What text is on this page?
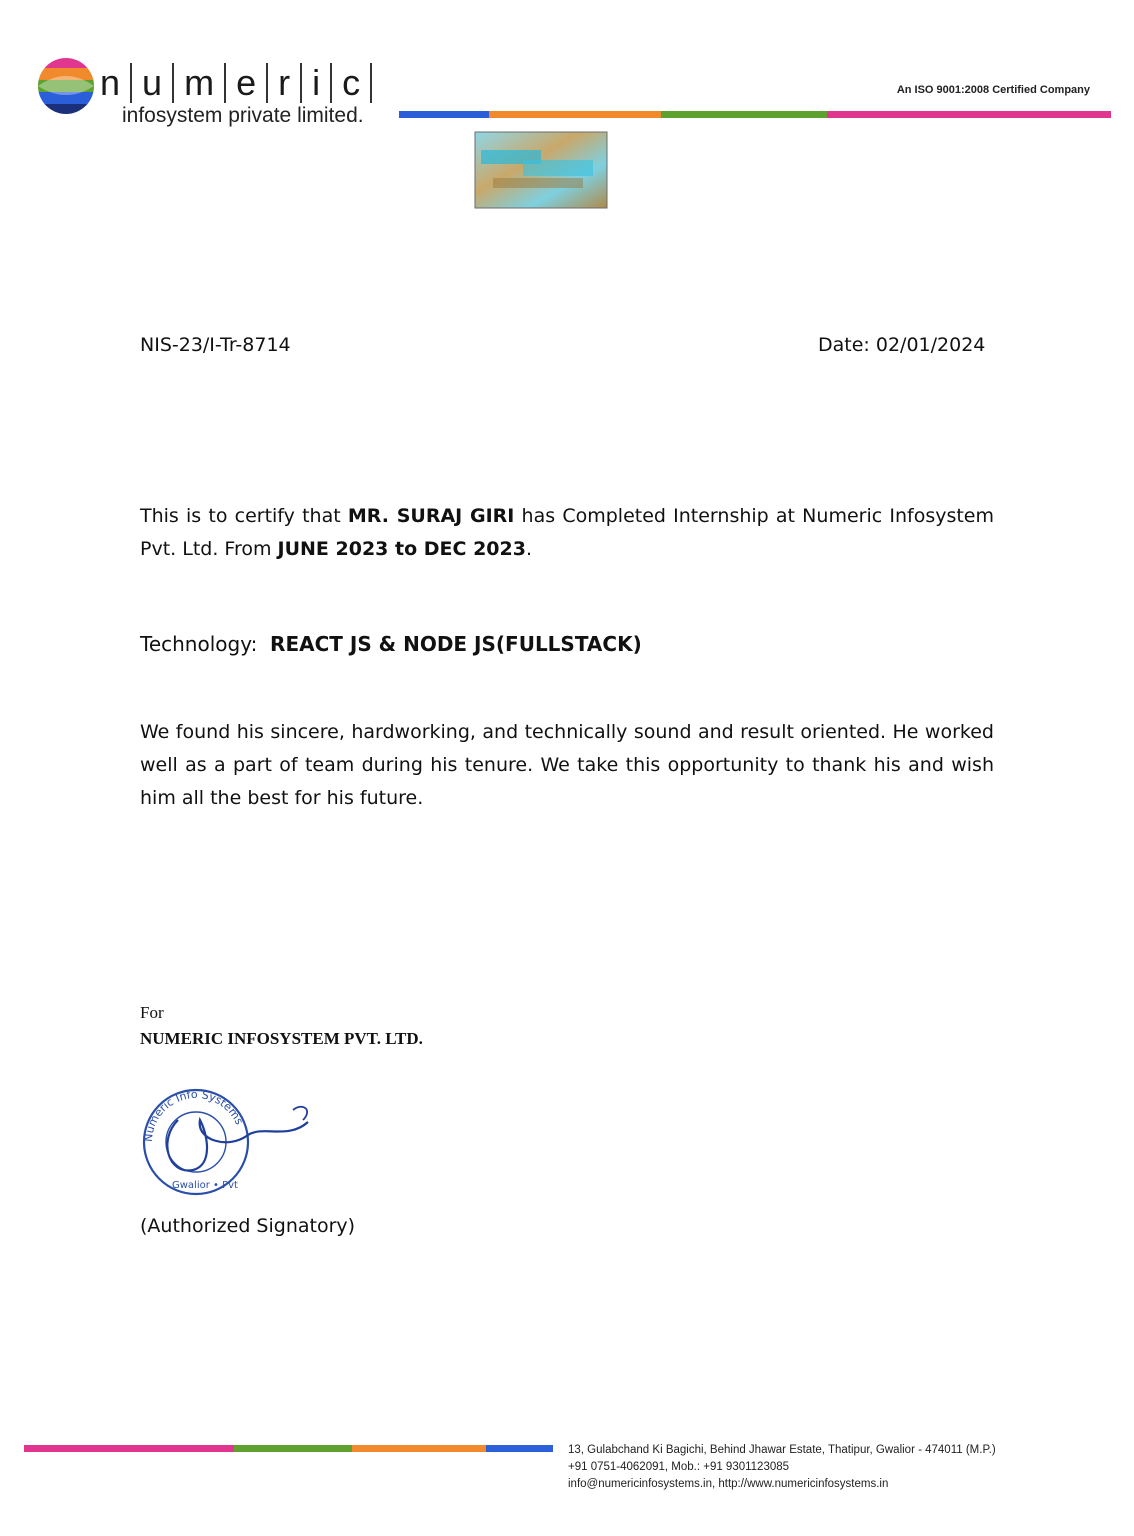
n u m e r i c
infosystem private limited.
An ISO 9001:2008 Certified Company
NIS-23/I-Tr-8714	Date: 02/01/2024
This is to certify that MR. SURAJ GIRI has Completed Internship at Numeric Infosystem Pvt. Ltd. From JUNE 2023 to DEC 2023.
Technology: REACT JS & NODE JS(FULLSTACK)
We found his sincere, hardworking, and technically sound and result oriented. He worked well as a part of team during his tenure. We take this opportunity to thank his and wish him all the best for his future.
For
NUMERIC INFOSYSTEM PVT. LTD.
Numeric Info Systems
Gwalior • Pvt
(Authorized Signatory)
13, Gulabchand Ki Bagichi, Behind Jhawar Estate, Thatipur, Gwalior - 474011 (M.P.)
+91 0751-4062091, Mob.: +91 9301123085
info@numericinfosystems.in, http://www.numericinfosystems.in
